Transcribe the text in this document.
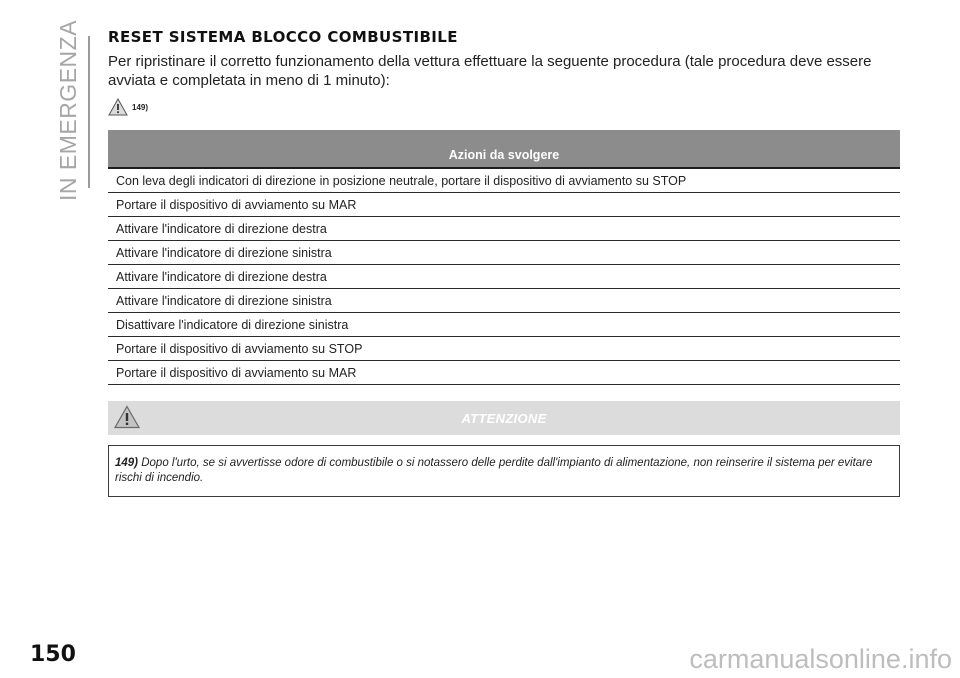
IN EMERGENZA RESET SISTEMA BLOCCO COMBUSTIBILE

Per ripristinare il corretto funzionamento della vettura effettuare la seguente procedura (tale procedura deve essere avviata e completata in meno di 1 minuto):

149)
Azioni da svolgere
Con leva degli indicatori di direzione in posizione neutrale, portare il dispositivo di avviamento su STOP
Portare il dispositivo di avviamento su MAR
Attivare l'indicatore di direzione destra
Attivare l'indicatore di direzione sinistra
Attivare l'indicatore di direzione destra
Attivare l'indicatore di direzione sinistra
Disattivare l'indicatore di direzione sinistra
Portare il dispositivo di avviamento su STOP
Portare il dispositivo di avviamento su MAR
ATTENZIONE
149) Dopo l'urto, se si avvertisse odore di combustibile o si notassero delle perdite dall'impianto di alimentazione, non reinserire il sistema per evitare rischi di incendio.
150	carmanualsonline.info
